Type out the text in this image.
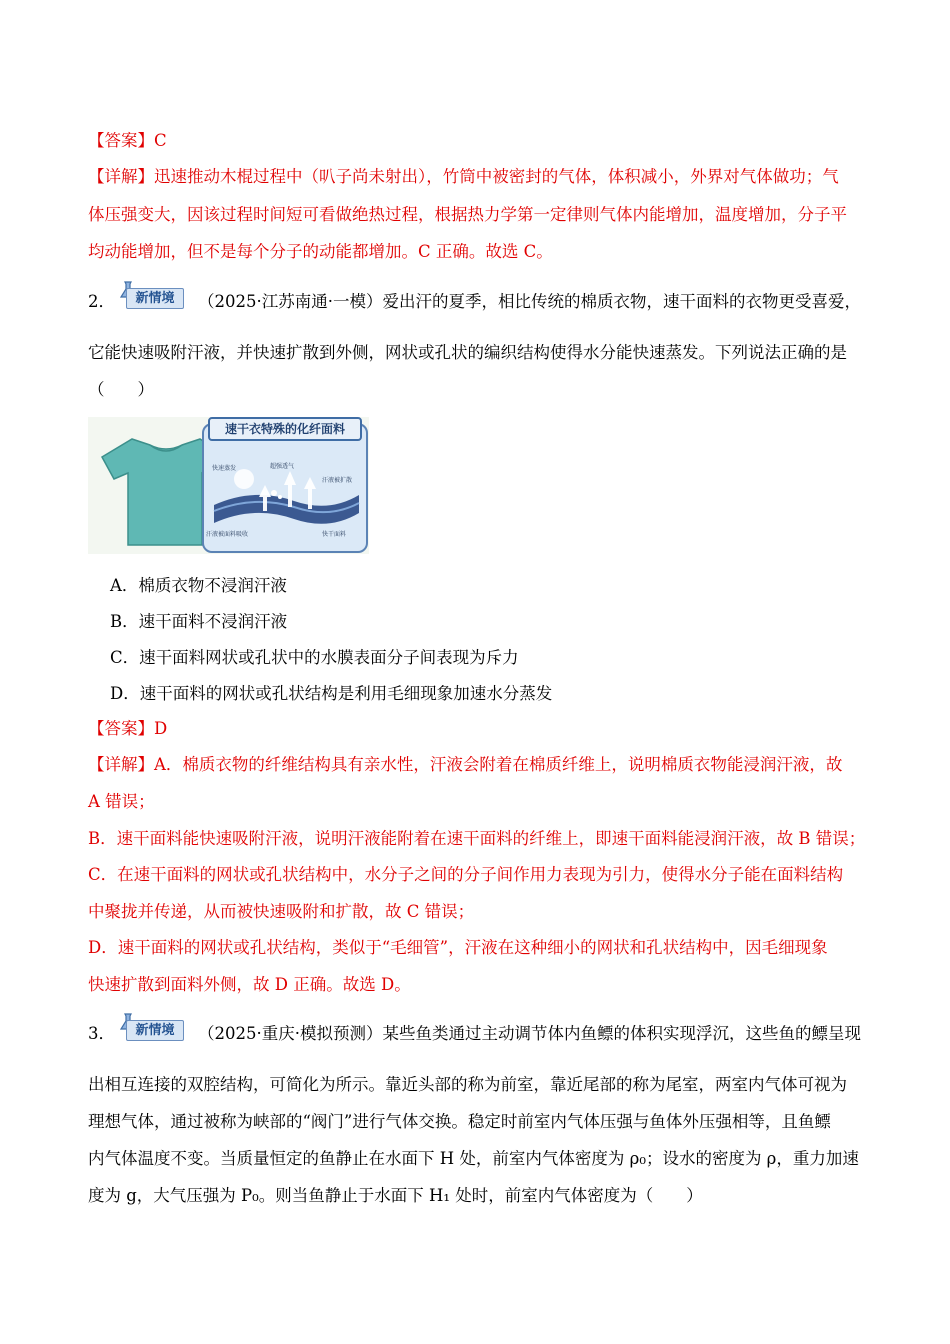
【答案】C
【详解】迅速推动木棍过程中（叭子尚未射出），竹筒中被密封的气体，体积减小，外界对气体做功；气
体压强变大，因该过程时间短可看做绝热过程，根据热力学第一定律则气体内能增加，温度增加，分子平
均动能增加，但不是每个分子的动能都增加。C 正确。故选 C。
2．	新情境	（2025·江苏南通·一模）爱出汗的夏季，相比传统的棉质衣物，速干面料的衣物更受喜爱，
它能快速吸附汗液，并快速扩散到外侧，网状或孔状的编织结构使得水分能快速蒸发。下列说法正确的是
（　　）
快速蒸发	超强透气
汗液被扩散
汗液被面料吸收	快干面料
速干衣特殊的化纤面料
A．棉质衣物不浸润汗液
B．速干面料不浸润汗液
C．速干面料网状或孔状中的水膜表面分子间表现为斥力
D．速干面料的网状或孔状结构是利用毛细现象加速水分蒸发
【答案】D
【详解】A．棉质衣物的纤维结构具有亲水性，汗液会附着在棉质纤维上，说明棉质衣物能浸润汗液，故
A 错误；
B．速干面料能快速吸附汗液，说明汗液能附着在速干面料的纤维上，即速干面料能浸润汗液，故 B 错误；
C．在速干面料的网状或孔状结构中，水分子之间的分子间作用力表现为引力，使得水分子能在面料结构
中聚拢并传递，从而被快速吸附和扩散，故 C 错误；
D．速干面料的网状或孔状结构，类似于“毛细管”，汗液在这种细小的网状和孔状结构中，因毛细现象
快速扩散到面料外侧，故 D 正确。故选 D。
3．	新情境	（2025·重庆·模拟预测）某些鱼类通过主动调节体内鱼鳔的体积实现浮沉，这些鱼的鳔呈现
出相互连接的双腔结构，可简化为所示。靠近头部的称为前室，靠近尾部的称为尾室，两室内气体可视为
理想气体，通过被称为峡部的“阀门”进行气体交换。稳定时前室内气体压强与鱼体外压强相等，且鱼鳔
内气体温度不变。当质量恒定的鱼静止在水面下 H 处，前室内气体密度为 ρ₀；设水的密度为 ρ，重力加速
度为 g，大气压强为 P₀。则当鱼静止于水面下 H₁ 处时，前室内气体密度为（　　）
